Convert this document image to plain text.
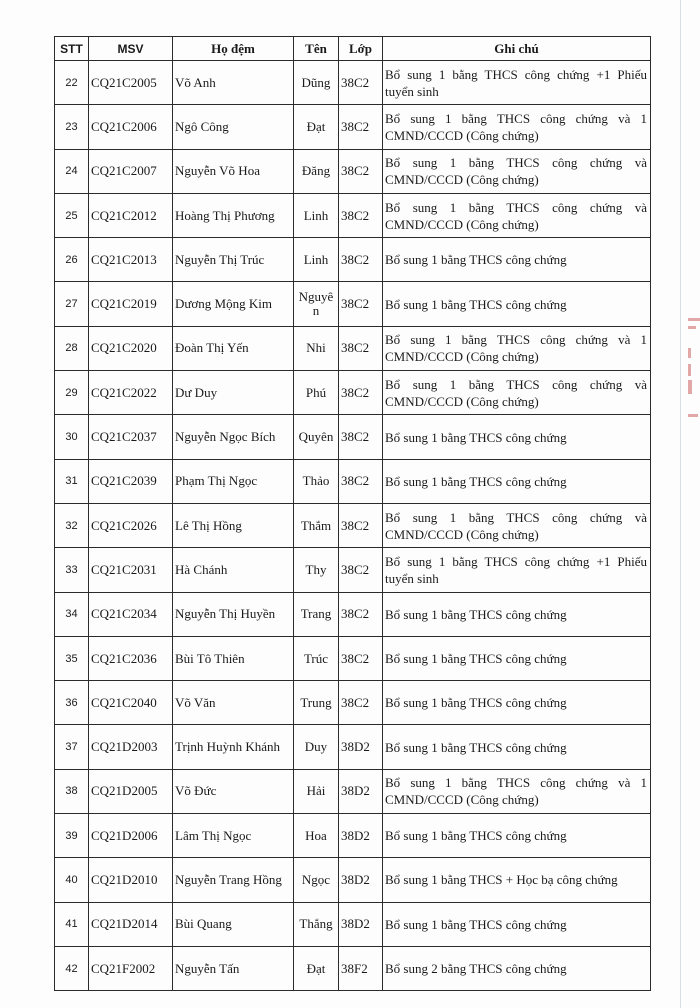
STT	MSV	Họ đệm	Tên	Lớp	Ghi chú
22	CQ21C2005	Võ Anh	Dũng	38C2	Bổ sung 1 bằng THCS công chứng +1 Phiếu tuyển sinh
23	CQ21C2006	Ngô Công	Đạt	38C2	Bổ sung 1 bằng THCS công chứng và 1 CMND/CCCD (Công chứng)
24	CQ21C2007	Nguyễn Võ Hoa	Đăng	38C2	Bổ sung 1 bằng THCS công chứng và CMND/CCCD (Công chứng)
25	CQ21C2012	Hoàng Thị Phương	Linh	38C2	Bổ sung 1 bằng THCS công chứng và CMND/CCCD (Công chứng)
26	CQ21C2013	Nguyễn Thị Trúc	Linh	38C2	Bổ sung 1 bằng THCS công chứng
27	CQ21C2019	Dương Mộng Kim	Nguyên	38C2	Bổ sung 1 bằng THCS công chứng
28	CQ21C2020	Đoàn Thị Yến	Nhi	38C2	Bổ sung 1 bằng THCS công chứng và 1 CMND/CCCD (Công chứng)
29	CQ21C2022	Dư Duy	Phú	38C2	Bổ sung 1 bằng THCS công chứng và CMND/CCCD (Công chứng)
30	CQ21C2037	Nguyễn Ngọc Bích	Quyên	38C2	Bổ sung 1 bằng THCS công chứng
31	CQ21C2039	Phạm Thị Ngọc	Thảo	38C2	Bổ sung 1 bằng THCS công chứng
32	CQ21C2026	Lê Thị Hồng	Thắm	38C2	Bổ sung 1 bằng THCS công chứng và CMND/CCCD (Công chứng)
33	CQ21C2031	Hà Chánh	Thy	38C2	Bổ sung 1 bằng THCS công chứng +1 Phiếu tuyển sinh
34	CQ21C2034	Nguyễn Thị Huyền	Trang	38C2	Bổ sung 1 bằng THCS công chứng
35	CQ21C2036	Bùi Tô Thiên	Trúc	38C2	Bổ sung 1 bằng THCS công chứng
36	CQ21C2040	Võ Văn	Trung	38C2	Bổ sung 1 bằng THCS công chứng
37	CQ21D2003	Trịnh Huỳnh Khánh	Duy	38D2	Bổ sung 1 bằng THCS công chứng
38	CQ21D2005	Võ Đức	Hải	38D2	Bổ sung 1 bằng THCS công chứng và 1 CMND/CCCD (Công chứng)
39	CQ21D2006	Lâm Thị Ngọc	Hoa	38D2	Bổ sung 1 bằng THCS công chứng
40	CQ21D2010	Nguyễn Trang Hồng	Ngọc	38D2	Bổ sung 1 bằng THCS + Học bạ công chứng
41	CQ21D2014	Bùi Quang	Thắng	38D2	Bổ sung 1 bằng THCS công chứng
42	CQ21F2002	Nguyễn Tấn	Đạt	38F2	Bổ sung 2 bằng THCS công chứng
